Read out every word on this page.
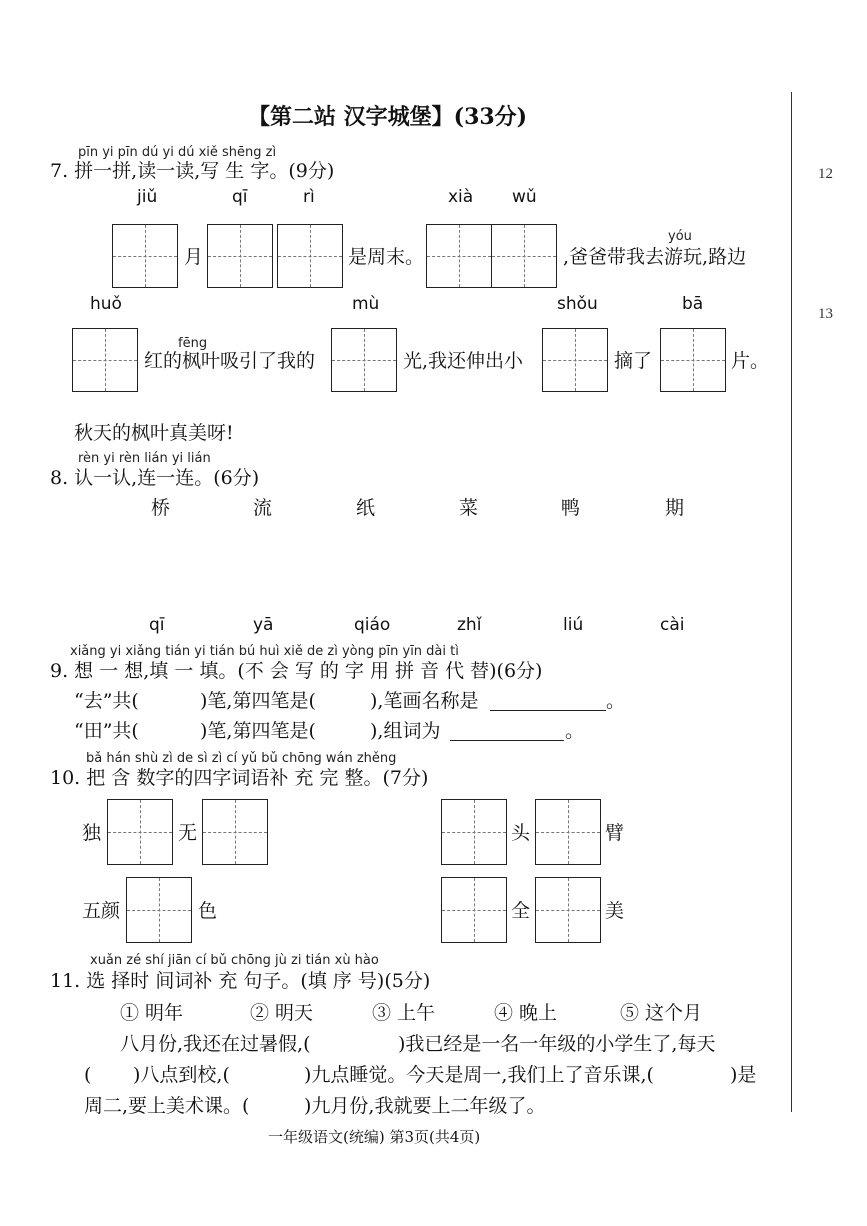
12
13
【第二站 汉字城堡】(33分)
pīn yi pīn dú yi dú xiě shēng zì
7. 拼一拼,读一读,写 生 字。(9分)
jiǔ	qī	rì	xià wǔ
yóu
月	是周末。	,爸爸带我去游玩,路边
huǒ	mù	shǒu	bā
fēng
红的枫叶吸引了我的	光,我还伸出小	摘了	片。
秋天的枫叶真美呀!
rèn yi rèn lián yi lián
8. 认一认,连一连。(6分)
桥	流	纸	菜	鸭	期
qī	yā	qiáo	zhǐ	liú	cài
xiǎng yi xiǎng tián yi tián bú huì xiě de zì yòng pīn yīn dài tì
9. 想 一 想,填 一 填。(不 会 写 的 字 用 拼 音 代 替)(6分)
“去”共(	)笔,第四笔是(	),笔画名称是	。
“田”共(	)笔,第四笔是(	),组词为	。
bǎ hán shù zì de sì zì cí yǔ bǔ chōng wán zhěng
10. 把 含 数字的四字词语补 充 完 整。(7分)
独	无	头	臂
五颜	色	全	美
xuǎn zé shí jiān cí bǔ chōng jù zi tián xù hào
11. 选 择时 间词补 充 句子。(填 序 号)(5分)
① 明年	② 明天	③ 上午	④ 晚上	⑤ 这个月
八月份,我还在过暑假,(	)我已经是一名一年级的小学生了,每天
( )八点到校,(	)九点睡觉。今天是周一,我们上了音乐课,(	)是
周二,要上美术课。(	)九月份,我就要上二年级了。
一年级语文(统编) 第3页(共4页)
